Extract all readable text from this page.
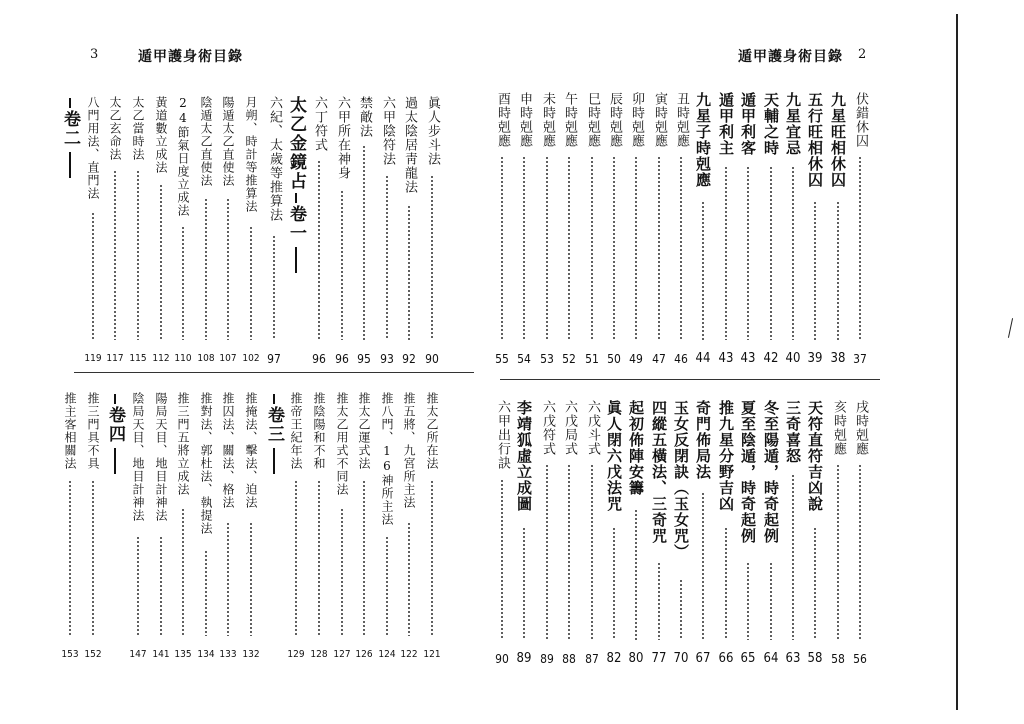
3	遁甲護身術目錄	遁甲護身術目錄 2
眞人步斗法
90
過太陰居靑龍法
92
六甲陰符法
93
禁敵法
95
六甲所在神身
96
六丁符式
96
太乙金鏡占
卷一
六紀、太歲等推算法
97
月朔、時計等推算法
102
陽遁太乙直使法
107
陰遁太乙直使法
108
24節氣日度立成法
110
黃道數立成法
112
太乙當時法
115
太乙玄命法
117
八門用法、直門法
119
卷二
推太乙所在法
121
推五將、九宮所主法
122
推八門、16神所主法
124
推太乙運式法
126
推太乙用式不同法
127
推陰陽和不和
128
推帝王紀年法
129
卷三
推掩法、擊法、迫法
132
推囚法、關法、格法
133
推對法、郭杜法、執提法
134
推三門五將立成法
135
陽局天目、地目計神法
141
陰局天目、地目計神法
147
卷四
推三門具不具
152
推主客相關法
153
伏錯休囚
37
九星旺相休囚
38
五行旺相休囚
39
九星宜忌
40
天輔之時
42
遁甲利客
43
遁甲利主
43
九星子時剋應
44
丑時剋應
46
寅時剋應
47
卯時剋應
49
辰時剋應
50
巳時剋應
51
午時剋應
52
未時剋應
53
申時剋應
54
酉時剋應
55
戌時剋應
56
亥時剋應
58
天符直符吉凶說
58
三奇喜怒
63
冬至陽遁，時奇起例
64
夏至陰遁，時奇起例
65
推九星分野吉凶
66
奇門佈局法
67
玉女反閉訣（玉女咒）
70
四縱五橫法、三奇咒
77
起初佈陣安籌
80
眞人閉六戊法咒
82
六戊斗式
87
六戊局式
88
六戊符式
89
李靖狐虛立成圖
89
六甲出行訣
90
